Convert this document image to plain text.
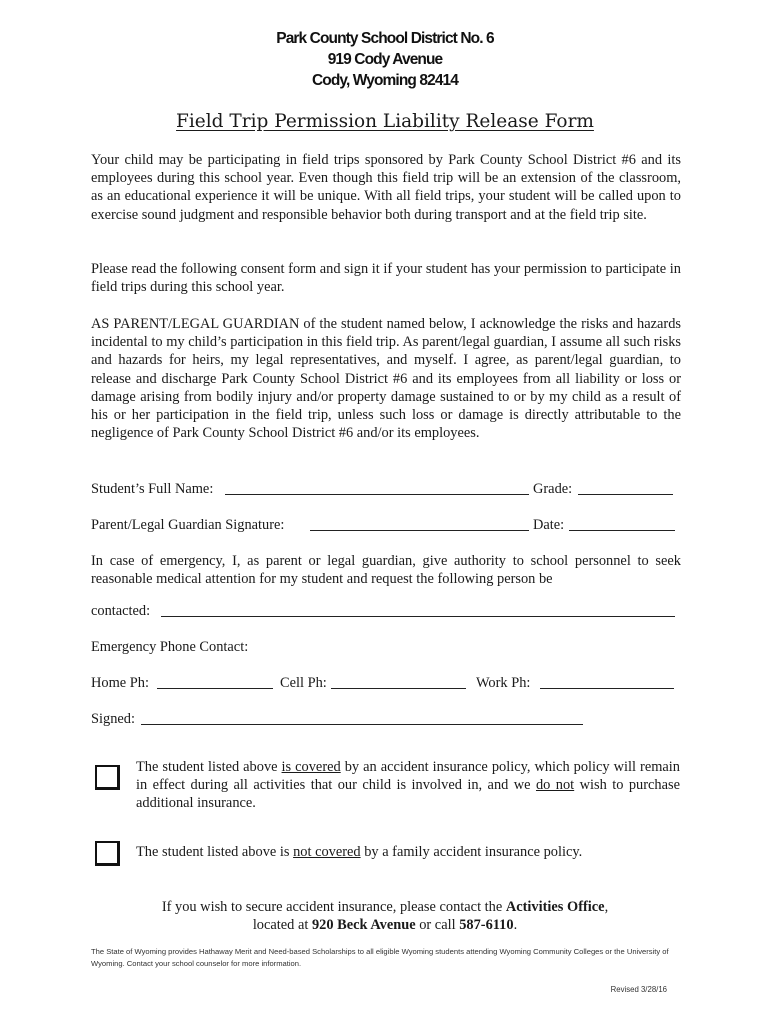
Park County School District No. 6
919 Cody Avenue
Cody, Wyoming 82414
Field Trip Permission Liability Release Form
Your child may be participating in field trips sponsored by Park County School District #6 and its employees during this school year. Even though this field trip will be an extension of the classroom, as an educational experience it will be unique. With all field trips, your student will be called upon to exercise sound judgment and responsible behavior both during transport and at the field trip site.
Please read the following consent form and sign it if your student has your permission to participate in field trips during this school year.
AS PARENT/LEGAL GUARDIAN of the student named below, I acknowledge the risks and hazards incidental to my child’s participation in this field trip. As parent/legal guardian, I assume all such risks and hazards for heirs, my legal representatives, and myself. I agree, as parent/legal guardian, to release and discharge Park County School District #6 and its employees from all liability or loss or damage arising from bodily injury and/or property damage sustained to or by my child as a result of his or her participation in the field trip, unless such loss or damage is directly attributable to the negligence of Park County School District #6 and/or its employees.
Student’s Full Name:	Grade:
Parent/Legal Guardian Signature:	Date:
In case of emergency, I, as parent or legal guardian, give authority to school personnel to seek reasonable medical attention for my student and request the following person be
contacted:
Emergency Phone Contact:
Home Ph:	Cell Ph:	Work Ph:
Signed:
The student listed above is covered by an accident insurance policy, which policy will remain in effect during all activities that our child is involved in, and we do not wish to purchase additional insurance.
The student listed above is not covered by a family accident insurance policy.
If you wish to secure accident insurance, please contact the Activities Office,
located at 920 Beck Avenue or call 587-6110.
The State of Wyoming provides Hathaway Merit and Need-based Scholarships to all eligible Wyoming students attending Wyoming Community Colleges or the University of Wyoming. Contact your school counselor for more information.
Revised 3/28/16
